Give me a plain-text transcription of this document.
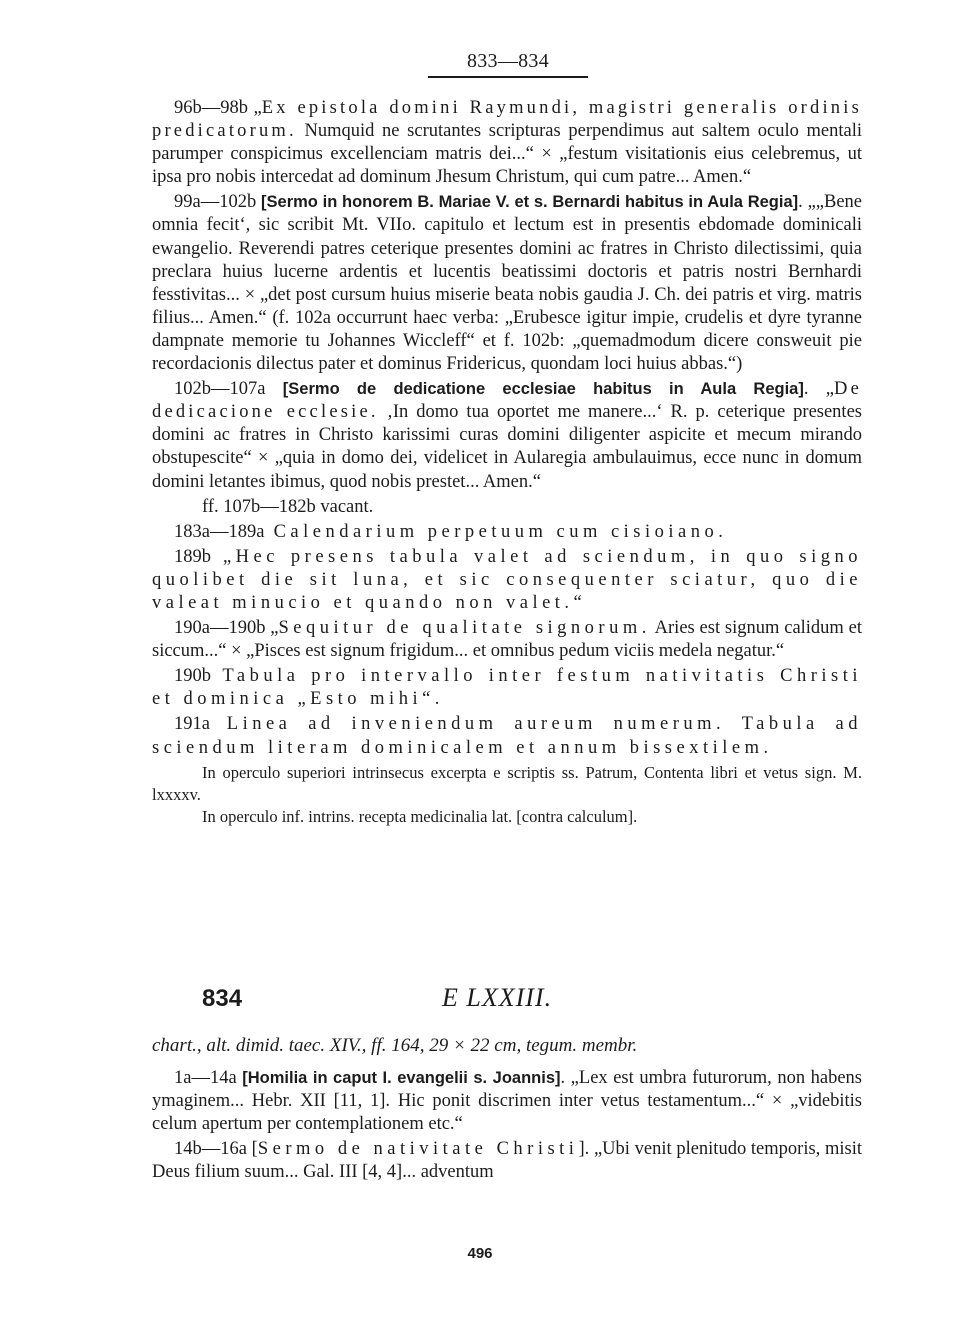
833—834

96b—98b „Ex epistola domini Raymundi, magistri generalis ordinis predicatorum. Numquid ne scrutantes scripturas perpendimus aut saltem oculo mentali parumper conspicimus excellenciam matris dei...“ × „festum visitationis eius celebremus, ut ipsa pro nobis intercedat ad dominum Jhesum Christum, qui cum patre... Amen.“

99a—102b [Sermo in honorem B. Mariae V. et s. Bernardi habitus in Aula Regia]. „„Bene omnia fecit‘, sic scribit Mt. VIIo. capitulo et lectum est in presentis ebdomade dominicali ewangelio. Reverendi patres ceterique presentes domini ac fratres in Christo dilectissimi, quia preclara huius lucerne ardentis et lucentis beatissimi doctoris et patris nostri Bernhardi fesstivitas... × „det post cursum huius miserie beata nobis gaudia J. Ch. dei patris et virg. matris filius... Amen.“ (f. 102a occurrunt haec verba: „Erubesce igitur impie, crudelis et dyre tyranne dampnate memorie tu Johannes Wiccleff“ et f. 102b: „quemadmodum dicere consweuit pie recordacionis dilectus pater et dominus Fridericus, quondam loci huius abbas.“)

102b—107a [Sermo de dedicatione ecclesiae habitus in Aula Regia]. „De dedicacione ecclesie. ‚In domo tua oportet me manere...‘ R. p. ceterique presentes domini ac fratres in Christo karissimi curas domini diligenter aspicite et mecum mirando obstupescite“ × „quia in domo dei, videlicet in Aularegia ambulauimus, ecce nunc in domum domini letantes ibimus, quod nobis prestet... Amen.“

ff. 107b—182b vacant.

183a—189a Calendarium perpetuum cum cisioiano.

189b „Hec presens tabula valet ad sciendum, in quo signo quolibet die sit luna, et sic consequenter sciatur, quo die valeat minucio et quando non valet.“

190a—190b „Sequitur de qualitate signorum. Aries est signum calidum et siccum...“ × „Pisces est signum frigidum... et omnibus pedum viciis medela negatur.“

190b Tabula pro intervallo inter festum nativitatis Christi et dominica „Esto mihi“.

191a Linea ad inveniendum aureum numerum. Tabula ad sciendum literam dominicalem et annum bissextilem.

In operculo superiori intrinsecus excerpta e scriptis ss. Patrum, Contenta libri et vetus sign. M. lxxxxv.

In operculo inf. intrins. recepta medicinalia lat. [contra calculum].

834	E LXXIII.
chart., alt. dimid. taec. XIV., ff. 164, 29 × 22 cm, tegum. membr.

1a—14a [Homilia in caput I. evangelii s. Joannis]. „Lex est umbra futurorum, non habens ymaginem... Hebr. XII [11, 1]. Hic ponit discrimen inter vetus testamentum...“ × „videbitis celum apertum per contemplationem etc.“

14b—16a [Sermo de nativitate Christi]. „Ubi venit plenitudo temporis, misit Deus filium suum... Gal. III [4, 4]... adventum

496
